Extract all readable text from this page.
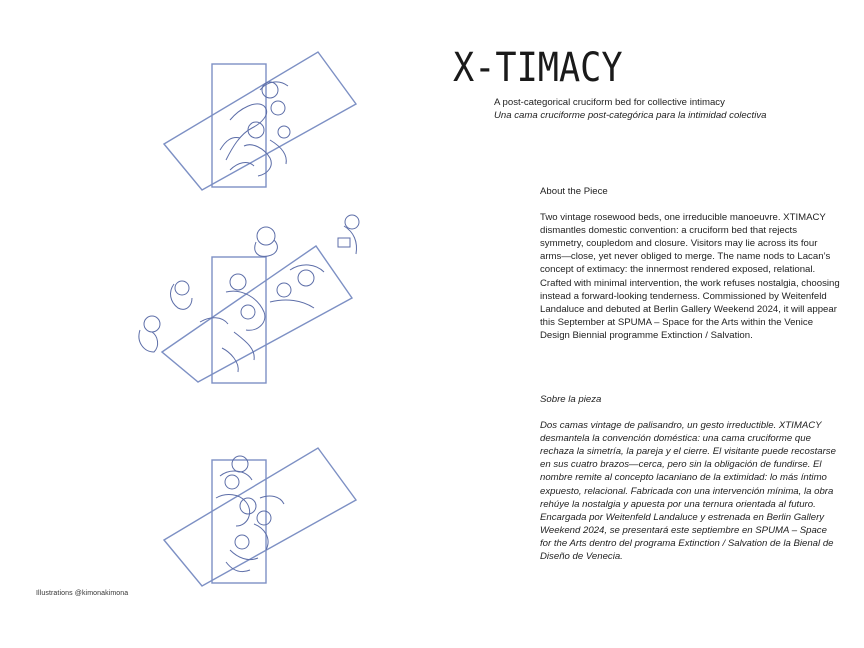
Illustrations @kimonakimona
X-TIMACY
A post-categorical cruciform bed for collective intimacy
Una cama cruciforme post-categórica para la intimidad colectiva
About the Piece

Two vintage rosewood beds, one irreducible manoeuvre. XTIMACY dismantles domestic convention: a cruciform bed that rejects symmetry, coupledom and closure. Visitors may lie across its four arms—close, yet never obliged to merge. The name nods to Lacan’s concept of extimacy: the innermost rendered exposed, relational. Crafted with minimal intervention, the work refuses nostalgia, choosing instead a forward-looking tenderness. Commissioned by Weitenfeld Landaluce and debuted at Berlin Gallery Weekend 2024, it will appear this September at SPUMA – Space for the Arts within the Venice Design Biennial programme Extinction / Salvation.

Sobre la pieza

Dos camas vintage de palisandro, un gesto irreductible. XTIMACY desmantela la convención doméstica: una cama cruciforme que rechaza la simetría, la pareja y el cierre. El visitante puede recostarse en sus cuatro brazos—cerca, pero sin la obligación de fundirse. El nombre remite al concepto lacaniano de la extimidad: lo más íntimo expuesto, relacional. Fabricada con una intervención mínima, la obra rehúye la nostalgia y apuesta por una ternura orientada al futuro. Encargada por Weitenfeld Landaluce y estrenada en Berlin Gallery Weekend 2024, se presentará este septiembre en SPUMA – Space for the Arts dentro del programa Extinction / Salvation de la Bienal de Diseño de Venecia.
